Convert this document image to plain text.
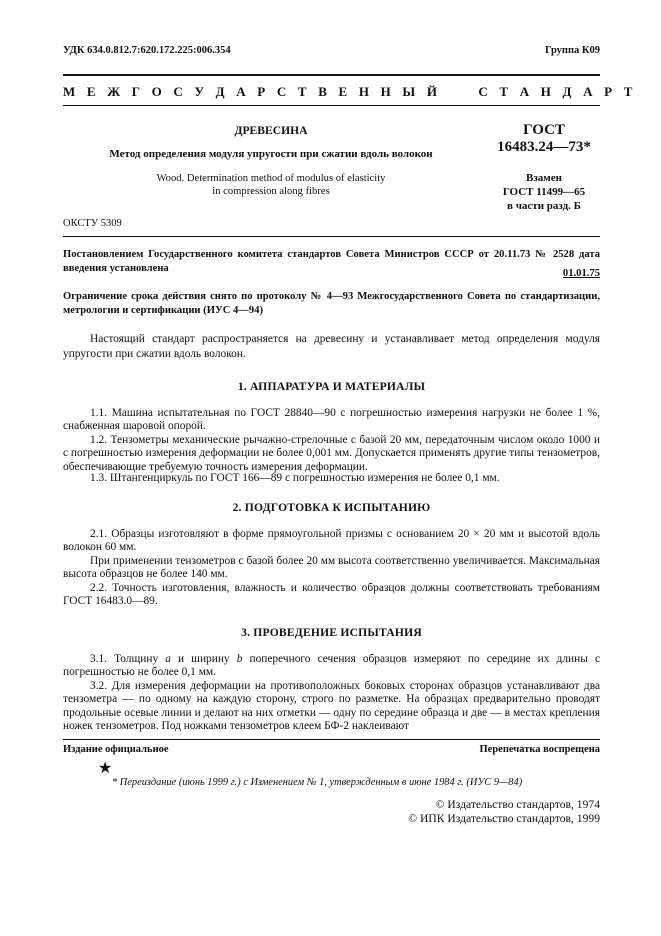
УДК 634.0.812.7:620.172.225:006.354	Группа К09
М Е Ж Г О С У Д А Р С Т В Е Н Н Ы Й     С Т А Н Д А Р Т
ДРЕВЕСИНА
Метод определения модуля упругости при сжатии вдоль волокон
Wood. Determination method of modulus of elasticity
in compression along fibres
ГОСТ
16483.24—73*
Взамен
ГОСТ 11499—65
в части разд. Б
ОКСТУ 5309
Постановлением Государственного комитета стандартов Совета Министров СССР от 20.11.73 № 2528 дата введения установлена	01.01.75
Ограничение срока действия снято по протоколу № 4—93 Межгосударственного Совета по стандартизации, метрологии и сертификации (ИУС 4—94)
Настоящий стандарт распространяется на древесину и устанавливает метод определения модуля упругости при сжатии вдоль волокон.
1. АППАРАТУРА И МАТЕРИАЛЫ
1.1. Машина испытательная по ГОСТ 28840—90 с погрешностью измерения нагрузки не более 1 %, снабженная шаровой опорой.
1.2. Тензометры механические рычажно-стрелочные с базой 20 мм, передаточным числом около 1000 и с погрешностью измерения деформации не более 0,001 мм. Допускается применять другие типы тензометров, обеспечивающие требуемую точность измерения деформации.
1.3. Штангенциркуль по ГОСТ 166—89 с погрешностью измерения не более 0,1 мм.
2. ПОДГОТОВКА К ИСПЫТАНИЮ
2.1. Образцы изготовляют в форме прямоугольной призмы с основанием 20 × 20 мм и высотой вдоль волокон 60 мм.
При применении тензометров с базой более 20 мм высота соответственно увеличивается. Максимальная высота образцов не более 140 мм.
2.2. Точность изготовления, влажность и количество образцов должны соответствовать требованиям ГОСТ 16483.0—89.
3. ПРОВЕДЕНИЕ ИСПЫТАНИЯ
3.1. Толщину a и ширину b поперечного сечения образцов измеряют по середине их длины с погрешностью не более 0,1 мм.
3.2. Для измерения деформации на противоположных боковых сторонах образцов устанавливают два тензометра — по одному на каждую сторону, строго по разметке. На образцах предварительно проводят продольные осевые линии и делают на них отметки — одну по середине образца и две — в местах крепления ножек тензометров. Под ножками тензометров клеем БФ-2 наклеивают
Издание официальное	Перепечатка воспрещена
★
* Переиздание (июнь 1999 г.) с Изменением № 1, утвержденным в июне 1984 г. (ИУС 9—84)
© Издательство стандартов, 1974
© ИПК Издательство стандартов, 1999
